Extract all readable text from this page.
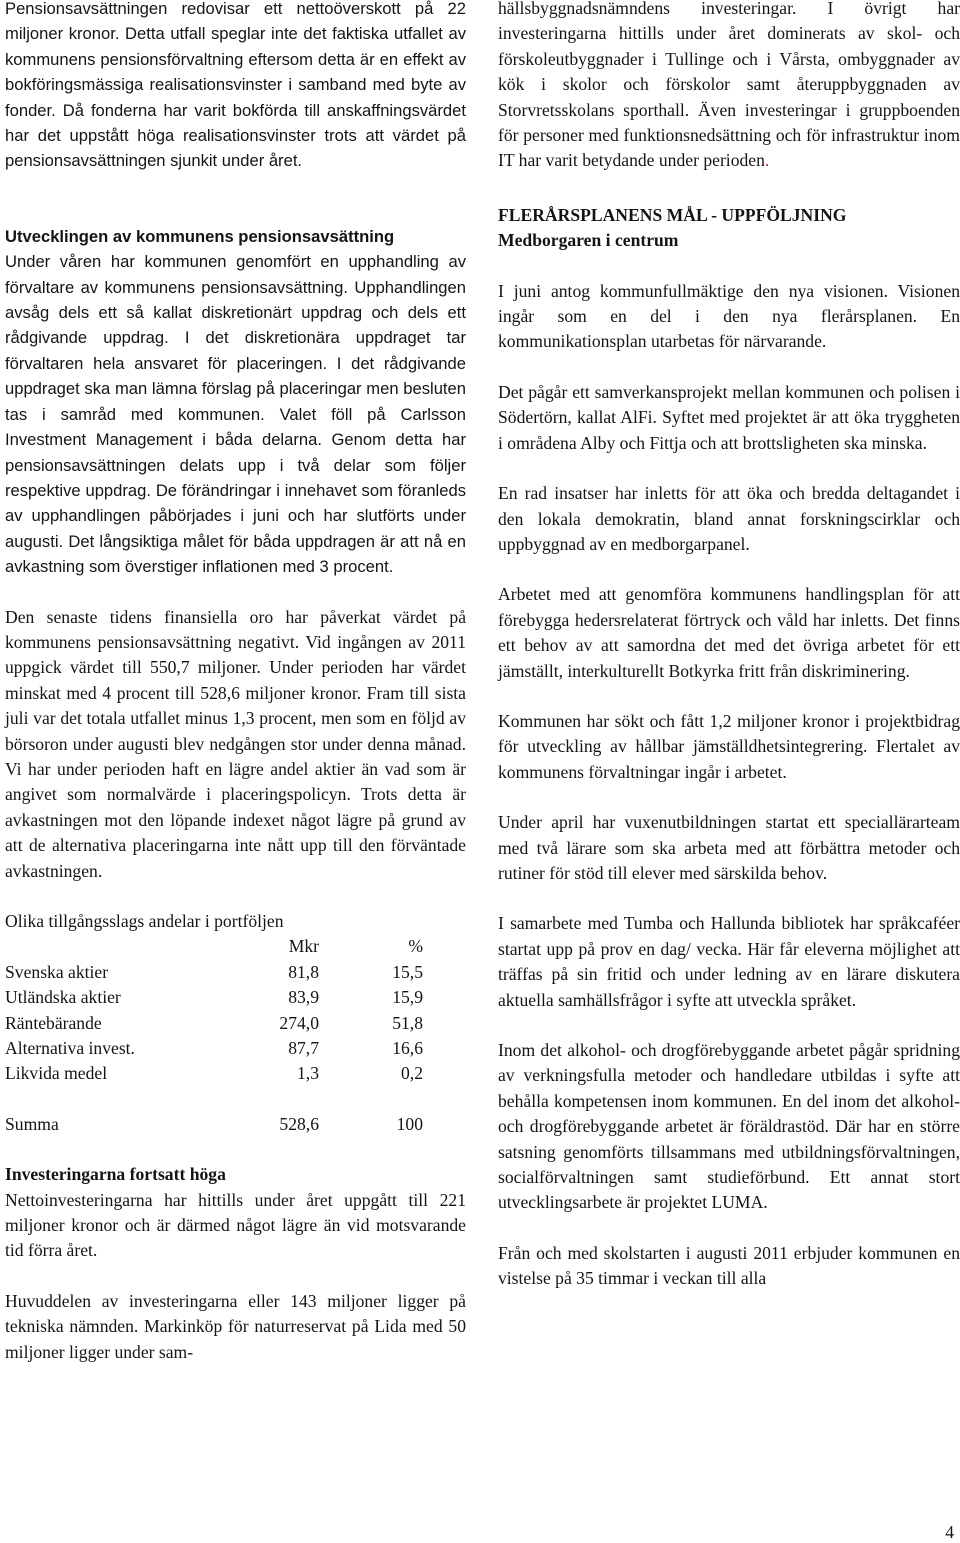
Pensionsavsättningen redovisar ett nettoöverskott på 22 miljoner kronor. Detta utfall speglar inte det faktiska utfallet av kommunens pensionsförvaltning eftersom detta är en effekt av bokföringsmässiga realisationsvinster i samband med byte av fonder. Då fonderna har varit bokförda till anskaffningsvärdet har det uppstått höga realisationsvinster trots att värdet på pensionsavsättningen sjunkit under året.

Utvecklingen av kommunens pensionsavsättning

Under våren har kommunen genomfört en upphandling av förvaltare av kommunens pensionsavsättning. Upphandlingen avsåg dels ett så kallat diskretionärt uppdrag och dels ett rådgivande uppdrag. I det diskretionära uppdraget tar förvaltaren hela ansvaret för placeringen. I det rådgivande uppdraget ska man lämna förslag på placeringar men besluten tas i samråd med kommunen. Valet föll på Carlsson Investment Management i båda delarna. Genom detta har pensionsavsättningen delats upp i två delar som följer respektive uppdrag. De förändringar i innehavet som föranleds av upphandlingen påbörjades i juni och har slutförts under augusti. Det långsiktiga målet för båda uppdragen är att nå en avkastning som överstiger inflationen med 3 procent.

Den senaste tidens finansiella oro har påverkat värdet på kommunens pensionsavsättning negativt. Vid ingången av 2011 uppgick värdet till 550,7 miljoner. Under perioden har värdet minskat med 4 procent till 528,6 miljoner kronor. Fram till sista juli var det totala utfallet minus 1,3 procent, men som en följd av börsoron under augusti blev nedgången stor under denna månad. Vi har under perioden haft en lägre andel aktier än vad som är angivet som normalvärde i placeringspolicyn. Trots detta är avkastningen mot den löpande indexet något lägre på grund av att de alternativa placeringarna inte nått upp till den förväntade avkastningen.

Olika tillgångsslags andelar i portföljen

	Mkr	%
Svenska aktier	81,8	15,5
Utländska aktier	83,9	15,9
Räntebärande	274,0	51,8
Alternativa invest.	87,7	16,6
Likvida medel	1,3	0,2

Summa	528,6	100
Investeringarna fortsatt höga

Nettoinvesteringarna har hittills under året uppgått till 221 miljoner kronor och är därmed något lägre än vid motsvarande tid förra året.

Huvuddelen av investeringarna eller 143 miljoner ligger på tekniska nämnden. Markinköp för naturreservat på Lida med 50 miljoner ligger under sam-

hällsbyggnadsnämndens investeringar. I övrigt har investeringarna hittills under året dominerats av skol- och förskoleutbyggnader i Tullinge och i Vårsta, ombyggnader av kök i skolor och förskolor samt återuppbyggnaden av Storvretsskolans sporthall. Även investeringar i gruppboenden för personer med funktionsnedsättning och för infrastruktur inom IT har varit betydande under perioden.

FLERÅRSPLANENS MÅL - UPPFÖLJNING
Medborgaren i centrum

I juni antog kommunfullmäktige den nya visionen. Visionen ingår som en del i den nya flerårsplanen. En kommunikationsplan utarbetas för närvarande.

Det pågår ett samverkansprojekt mellan kommunen och polisen i Södertörn, kallat AlFi. Syftet med projektet är att öka tryggheten i områdena Alby och Fittja och att brottsligheten ska minska.

En rad insatser har inletts för att öka och bredda deltagandet i den lokala demokratin, bland annat forskningscirklar och uppbyggnad av en medborgarpanel.

Arbetet med att genomföra kommunens handlingsplan för att förebygga hedersrelaterat förtryck och våld har inletts. Det finns ett behov av att samordna det med det övriga arbetet för ett jämställt, interkulturellt Botkyrka fritt från diskriminering.

Kommunen har sökt och fått 1,2 miljoner kronor i projektbidrag för utveckling av hållbar jämställdhetsintegrering. Flertalet av kommunens förvaltningar ingår i arbetet.

Under april har vuxenutbildningen startat ett speciallärarteam med två lärare som ska arbeta med att förbättra metoder och rutiner för stöd till elever med särskilda behov.

I samarbete med Tumba och Hallunda bibliotek har språkcaféer startat upp på prov en dag/ vecka. Här får eleverna möjlighet att träffas på sin fritid och under ledning av en lärare diskutera aktuella samhällsfrågor i syfte att utveckla språket.

Inom det alkohol- och drogförebyggande arbetet pågår spridning av verkningsfulla metoder och handledare utbildas i syfte att behålla kompetensen inom kommunen. En del inom det alkohol- och drogförebyggande arbetet är föräldrastöd. Där har en större satsning genomförts tillsammans med utbildningsförvaltningen, socialförvaltningen samt studieförbund. Ett annat stort utvecklingsarbete är projektet LUMA.

Från och med skolstarten i augusti 2011 erbjuder kommunen en vistelse på 35 timmar i veckan till alla

4
